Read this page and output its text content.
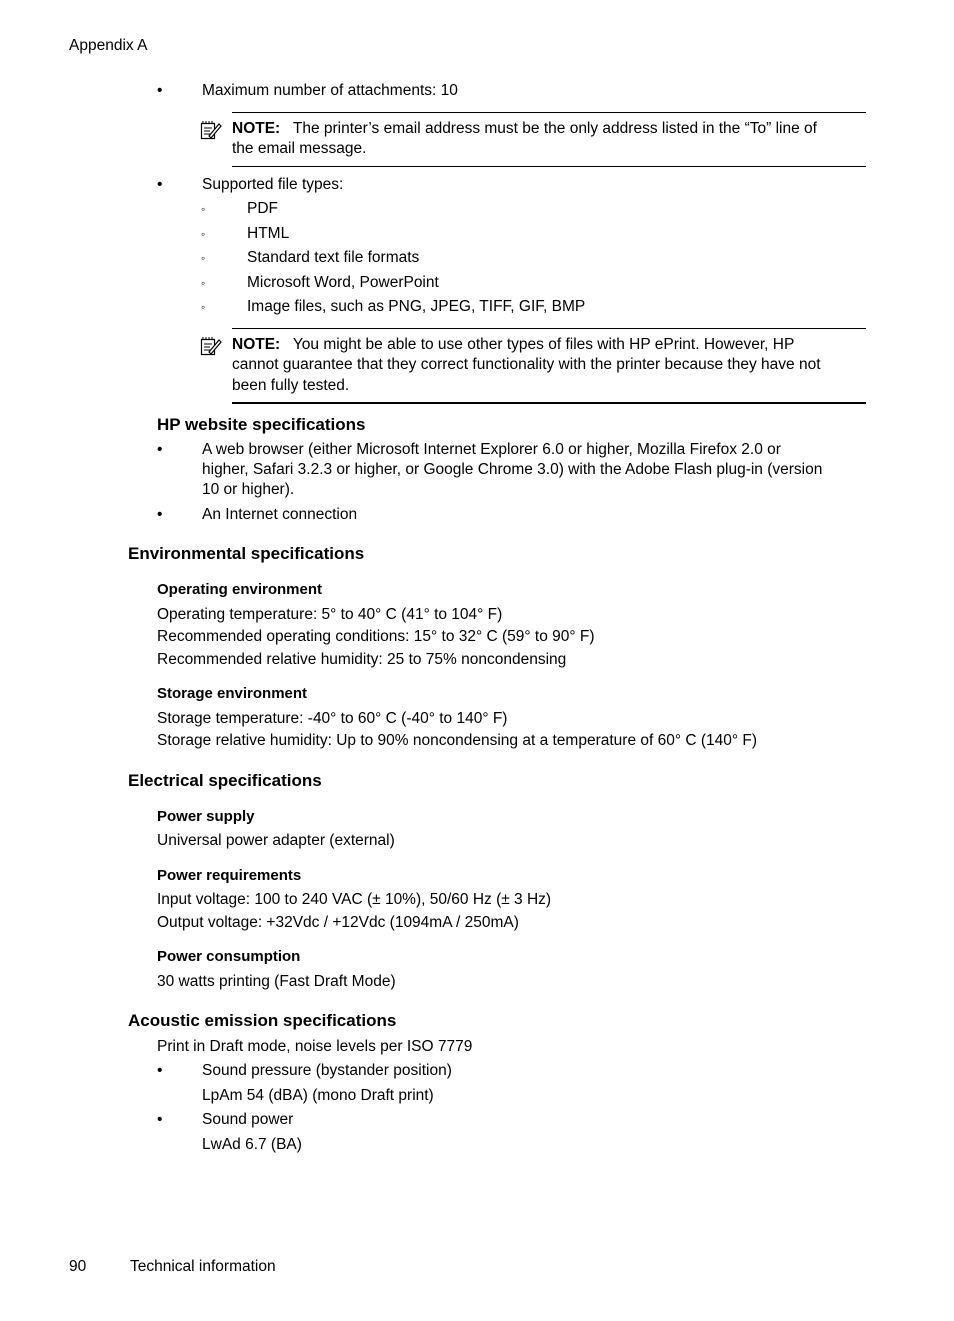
Appendix A
•	Maximum number of attachments: 10
NOTE: The printer’s email address must be the only address listed in the “To” line of
the email message.
•	Supported file types:
◦	PDF
◦	HTML
◦	Standard text file formats
◦	Microsoft Word, PowerPoint
◦	Image files, such as PNG, JPEG, TIFF, GIF, BMP
NOTE: You might be able to use other types of files with HP ePrint. However, HP
cannot guarantee that they correct functionality with the printer because they have not
been fully tested.
HP website specifications
•	A web browser (either Microsoft Internet Explorer 6.0 or higher, Mozilla Firefox 2.0 or
higher, Safari 3.2.3 or higher, or Google Chrome 3.0) with the Adobe Flash plug-in (version
10 or higher).
•	An Internet connection
Environmental specifications
Operating environment
Operating temperature: 5° to 40° C (41° to 104° F)
Recommended operating conditions: 15° to 32° C (59° to 90° F)
Recommended relative humidity: 25 to 75% noncondensing
Storage environment
Storage temperature: -40° to 60° C (-40° to 140° F)
Storage relative humidity: Up to 90% noncondensing at a temperature of 60° C (140° F)
Electrical specifications
Power supply
Universal power adapter (external)
Power requirements
Input voltage: 100 to 240 VAC (± 10%), 50/60 Hz (± 3 Hz)
Output voltage: +32Vdc / +12Vdc (1094mA / 250mA)
Power consumption
30 watts printing (Fast Draft Mode)
Acoustic emission specifications
Print in Draft mode, noise levels per ISO 7779
•	Sound pressure (bystander position)
LpAm 54 (dBA) (mono Draft print)
•	Sound power
LwAd 6.7 (BA)
90	Technical information
